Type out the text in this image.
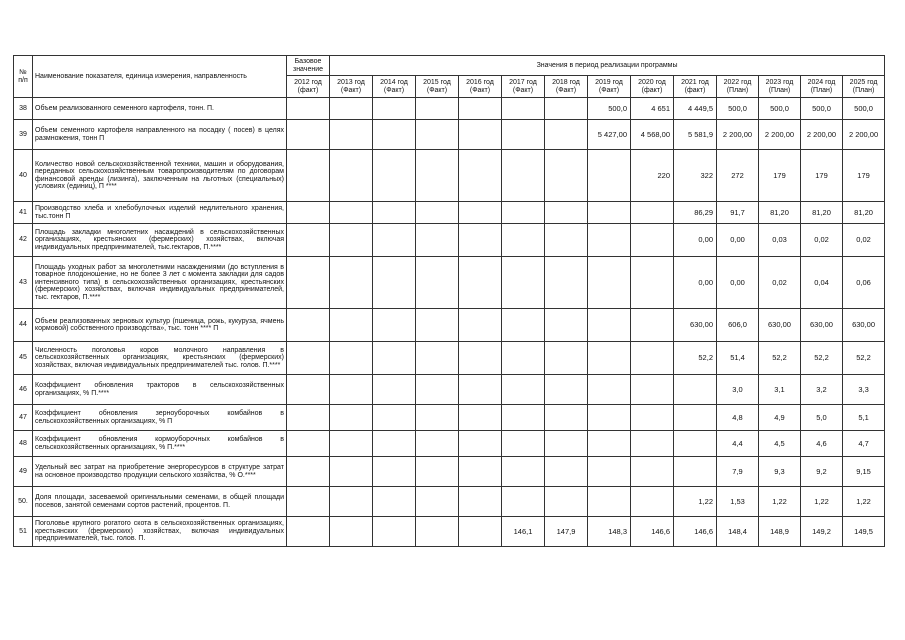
№ п/п	Наименование показателя, единица измерения, направленность	Базовое значение	Значения в период реализации программы													
		2012 год (факт)	2013 год (Факт)	2014 год (Факт)	2015 год (Факт)	2016 год (Факт)	2017 год (Факт)	2018 год (Факт)	2019 год (Факт)	2020 год (факт)	2021 год (факт)	2022 год (План)	2023 год (План)	2024 год (План)	2025 год (План)	
38	Объем реализованного семенного картофеля, тонн. П.								500,0	4 651	4 449,5	500,0	500,0	500,0	500,0	
39	Объем семенного картофеля направленного на посадку ( посев) в целях размножения, тонн П								5 427,00	4 568,00	5 581,9	2 200,00	2 200,00	2 200,00	2 200,00	
40	Количество новой сельскохозяйственной техники, машин и оборудования, переданных сельскохозяйственным товаропроизводителям по договорам финансовой аренды (лизинга), заключенным на льготных (специальных) условиях (единиц), П ****									220	322	272	179	179	179	
41	Производство хлеба и хлебобулочных изделий недлительного хранения, тыс.тонн П										86,29	91,7	81,20	81,20	81,20	
42	Площадь закладки многолетних насаждений в сельскохозяйственных организациях, крестьянских (фермерских) хозяйствах, включая индивидуальных предпринимателей, тыс.гектаров, П.****										0,00	0,00	0,03	0,02	0,02	
43	Площадь уходных работ за многолетними насаждениями (до вступления в товарное плодоношение, но не более 3 лет с момента закладки для садов интенсивного типа) в сельскохозяйственных организациях, крестьянских (фермерских) хозяйствах, включая индивидуальных предпринимателей, тыс. гектаров, П.****										0,00	0,00	0,02	0,04	0,06	
44	Объем реализованных зерновых культур (пшеница, рожь, кукуруза, ячмень кормовой) собственного производства», тыс. тонн **** П										630,00	606,0	630,00	630,00	630,00	
45	Численность поголовья коров молочного направления в сельскохозяйственных организациях, крестьянских (фермерских) хозяйствах, включая индивидуальных предпринимателей тыс. голов. П.****										52,2	51,4	52,2	52,2	52,2	
46	Коэффициент обновления тракторов в сельскохозяйственных организациях, % П.****											3,0	3,1	3,2	3,3	
47	Коэффициент обновления зерноуборочных комбайнов в сельскохозяйственных организациях, % П											4,8	4,9	5,0	5,1	
48	Коэффициент обновления кормоуборочных комбайнов в сельскохозяйственных организациях, % П.****											4,4	4,5	4,6	4,7	
49	Удельный вес затрат на приобретение энергоресурсов в структуре затрат на основное производство продукции сельского хозяйства, % О.****											7,9	9,3	9,2	9,15	
50.	Доля площади, засеваемой оригинальными семенами, в общей площади посевов, занятой семенами сортов растений, процентов. П.										1,22	1,53	1,22	1,22	1,22	
51	Поголовье крупного рогатого скота в сельскохозяйственных организациях, крестьянских (фермерских) хозяйствах, включая индивидуальных предпринимателей, тыс. голов. П.						146,1	147,9	148,3	146,6	146,6	148,4	148,9	149,2	149,5	
